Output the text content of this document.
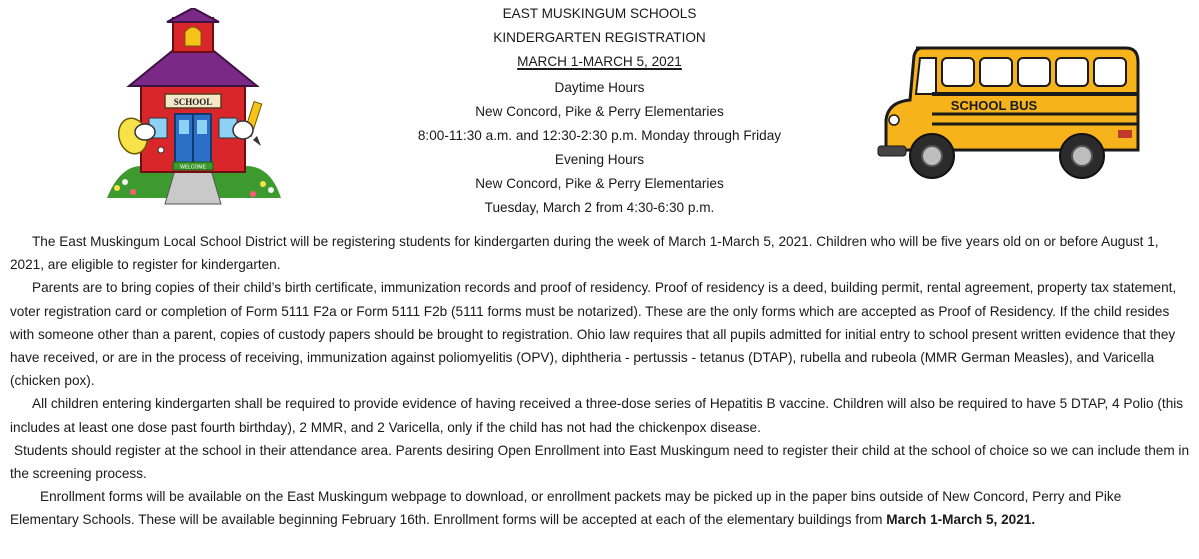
EAST MUSKINGUM SCHOOLS
KINDERGARTEN REGISTRATION
MARCH 1-MARCH 5, 2021
Daytime Hours
New Concord, Pike & Perry Elementaries
8:00-11:30 a.m. and 12:30-2:30 p.m. Monday through Friday
Evening Hours
New Concord, Pike & Perry Elementaries
Tuesday, March 2 from 4:30-6:30 p.m.
SCHOOL
WELCOME
SCHOOL BUS

The East Muskingum Local School District will be registering students for kindergarten during the week of March 1-March 5, 2021. Children who will be five years old on or before August 1, 2021, are eligible to register for kindergarten.

Parents are to bring copies of their child’s birth certificate, immunization records and proof of residency. Proof of residency is a deed, building permit, rental agreement, property tax statement, voter registration card or completion of Form 5111 F2a or Form 5111 F2b (5111 forms must be notarized). These are the only forms which are accepted as Proof of Residency. If the child resides with someone other than a parent, copies of custody papers should be brought to registration. Ohio law requires that all pupils admitted for initial entry to school present written evidence that they have received, or are in the process of receiving, immunization against poliomyelitis (OPV), diphtheria - pertussis - tetanus (DTAP), rubella and rubeola (MMR German Measles), and Varicella (chicken pox).

All children entering kindergarten shall be required to provide evidence of having received a three-dose series of Hepatitis B vaccine. Children will also be required to have 5 DTAP, 4 Polio (this includes at least one dose past fourth birthday), 2 MMR, and 2 Varicella, only if the child has not had the chickenpox disease.

Students should register at the school in their attendance area. Parents desiring Open Enrollment into East Muskingum need to register their child at the school of choice so we can include them in the screening process.

Enrollment forms will be available on the East Muskingum webpage to download, or enrollment packets may be picked up in the paper bins outside of New Concord, Perry and Pike Elementary Schools. These will be available beginning February 16th. Enrollment forms will be accepted at each of the elementary buildings from March 1-March 5, 2021.
